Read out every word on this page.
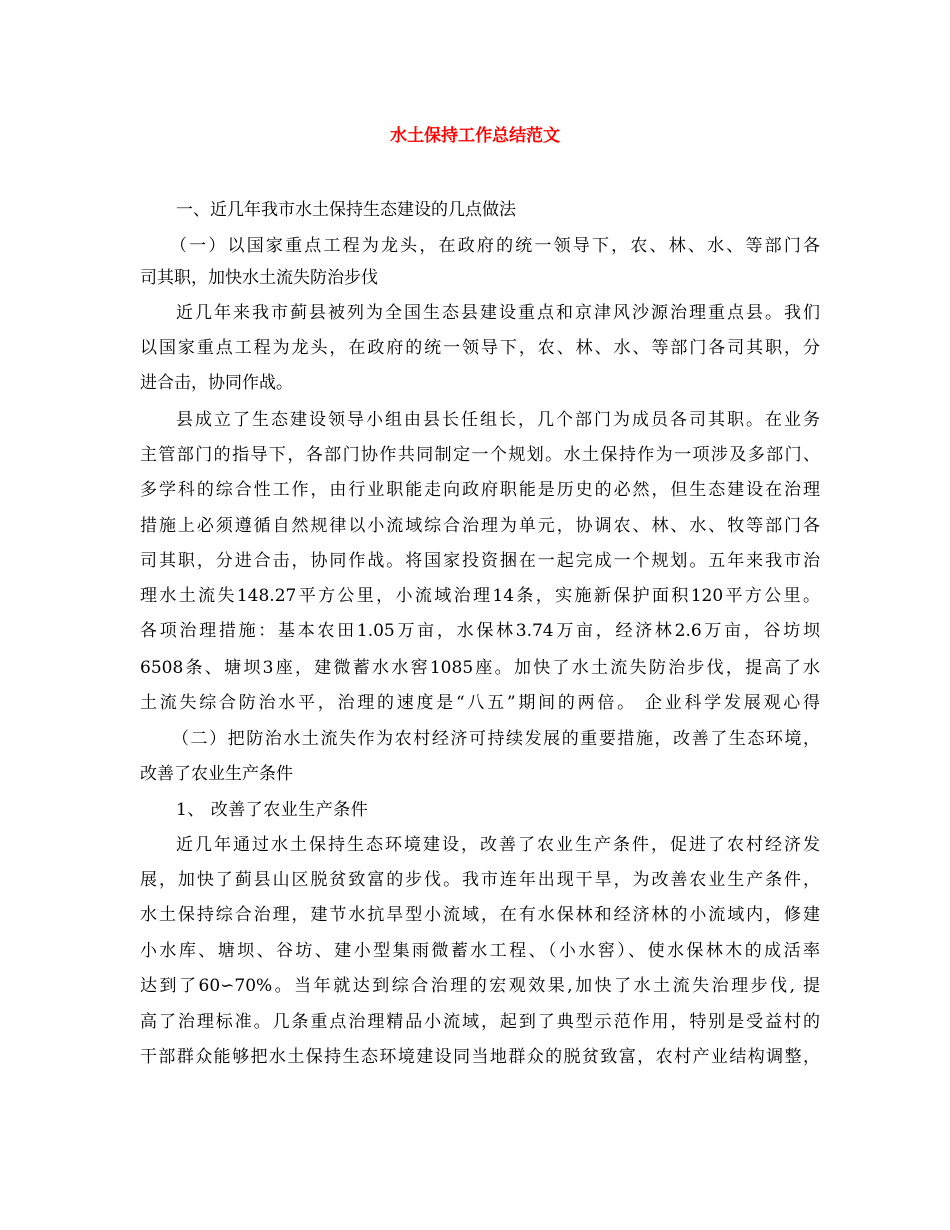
水土保持工作总结范文
一、近几年我市水土保持生态建设的几点做法
（一）以国家重点工程为龙头，在政府的统一领导下，农、林、水、等部门各
司其职，加快水土流失防治步伐
近几年来我市蓟县被列为全国生态县建设重点和京津风沙源治理重点县。我们
以国家重点工程为龙头，在政府的统一领导下，农、林、水、等部门各司其职，分
进合击，协同作战。
县成立了生态建设领导小组由县长任组长，几个部门为成员各司其职。在业务
主管部门的指导下，各部门协作共同制定一个规划。水土保持作为一项涉及多部门、
多学科的综合性工作，由行业职能走向政府职能是历史的必然，但生态建设在治理
措施上必须遵循自然规律以小流域综合治理为单元，协调农、林、水、牧等部门各
司其职，分进合击，协同作战。将国家投资捆在一起完成一个规划。五年来我市治
理水土流失148.27平方公里，小流域治理14条，实施新保护面积120平方公里。
各项治理措施：基本农田1.05万亩，水保林3.74万亩，经济林2.6万亩，谷坊坝
6508条、塘坝3座，建微蓄水水窖1085座。加快了水土流失防治步伐，提高了水
土流失综合防治水平，治理的速度是“八五”期间的两倍。 企业科学发展观心得
（二）把防治水土流失作为农村经济可持续发展的重要措施，改善了生态环境，
改善了农业生产条件
1、 改善了农业生产条件
近几年通过水土保持生态环境建设，改善了农业生产条件，促进了农村经济发
展，加快了蓟县山区脱贫致富的步伐。我市连年出现干旱，为改善农业生产条件，
水土保持综合治理，建节水抗旱型小流域，在有水保林和经济林的小流域内，修建
小水库、塘坝、谷坊、建小型集雨微蓄水工程、（小水窖）、使水保林木的成活率
达到了60∽70%。当年就达到综合治理的宏观效果,加快了水土流失治理步伐, 提
高了治理标准。几条重点治理精品小流域，起到了典型示范作用，特别是受益村的
干部群众能够把水土保持生态环境建设同当地群众的脱贫致富，农村产业结构调整，
